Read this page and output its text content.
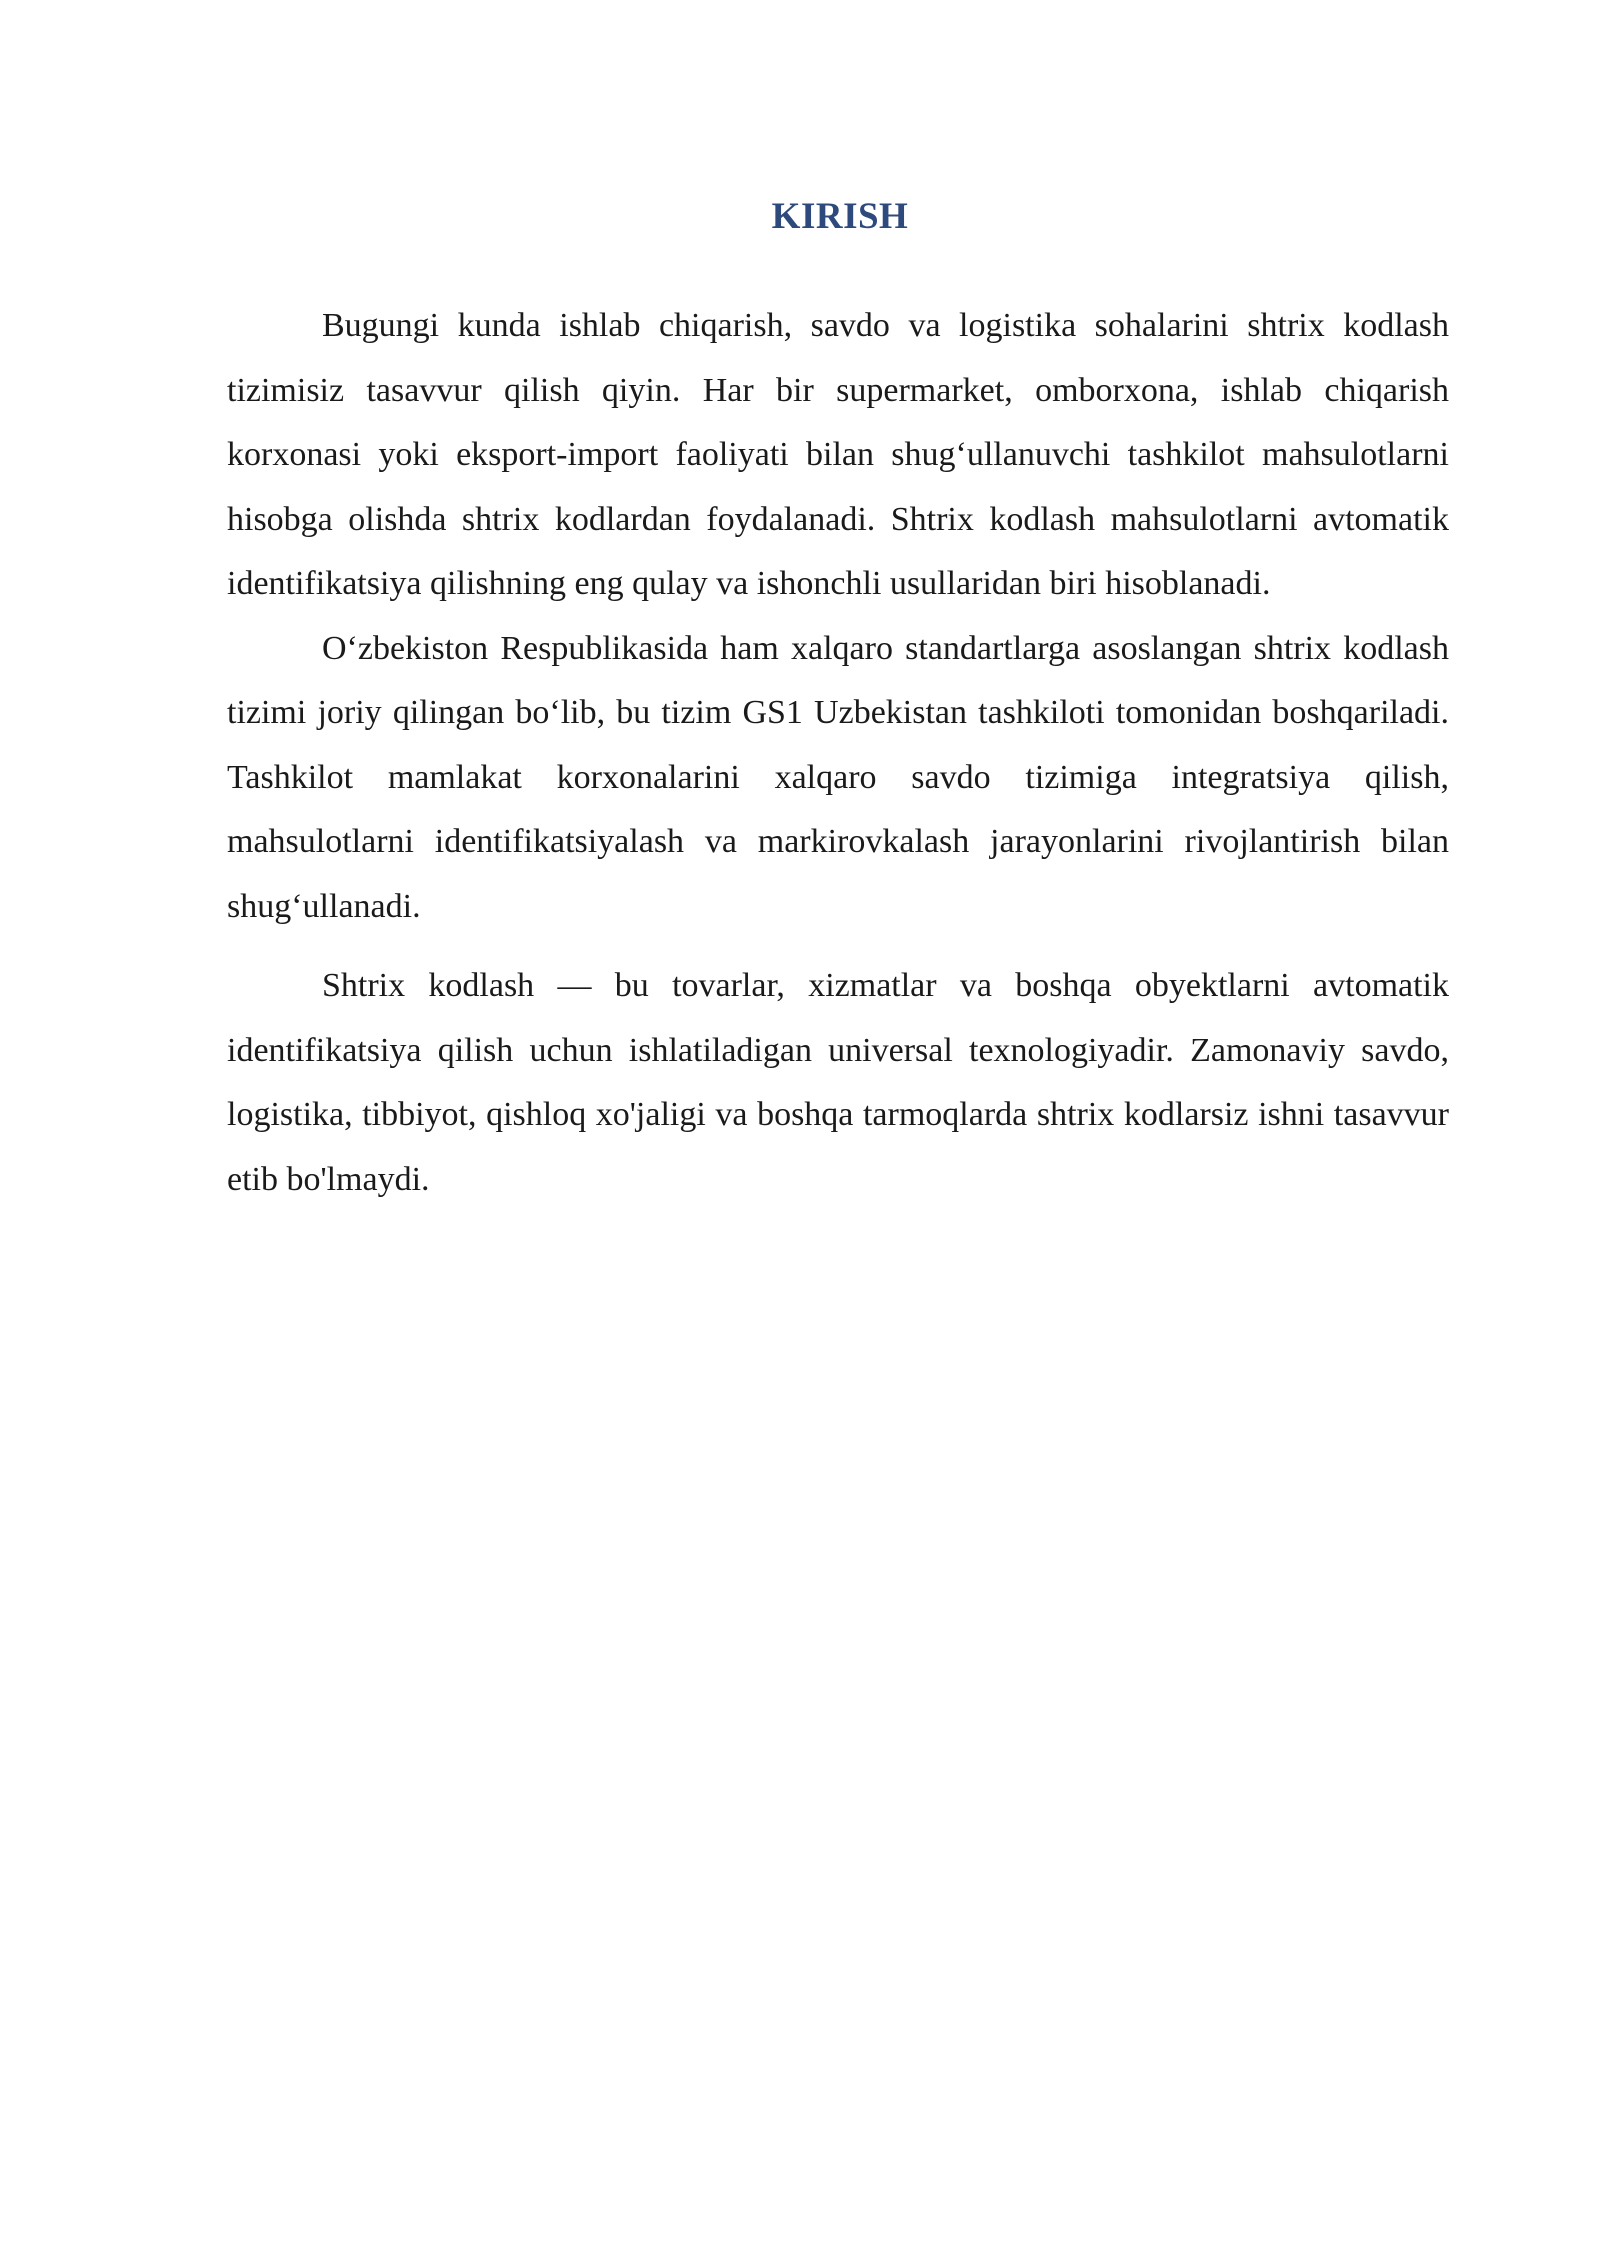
KIRISH

Bugungi kunda ishlab chiqarish, savdo va logistika sohalarini shtrix kodlash tizimisiz tasavvur qilish qiyin. Har bir supermarket, omborxona, ishlab chiqarish korxonasi yoki eksport-import faoliyati bilan shug‘ullanuvchi tashkilot mahsulotlarni hisobga olishda shtrix kodlardan foydalanadi. Shtrix kodlash mahsulotlarni avtomatik identifikatsiya qilishning eng qulay va ishonchli usullaridan biri hisoblanadi.

O‘zbekiston Respublikasida ham xalqaro standartlarga asoslangan shtrix kodlash tizimi joriy qilingan bo‘lib, bu tizim GS1 Uzbekistan tashkiloti tomonidan boshqariladi. Tashkilot mamlakat korxonalarini xalqaro savdo tizimiga integratsiya qilish, mahsulotlarni identifikatsiyalash va markirovkalash jarayonlarini rivojlantirish bilan shug‘ullanadi.

Shtrix kodlash — bu tovarlar, xizmatlar va boshqa obyektlarni avtomatik identifikatsiya qilish uchun ishlatiladigan universal texnologiyadir. Zamonaviy savdo, logistika, tibbiyot, qishloq xo'jaligi va boshqa tarmoqlarda shtrix kodlarsiz ishni tasavvur etib bo'lmaydi.
